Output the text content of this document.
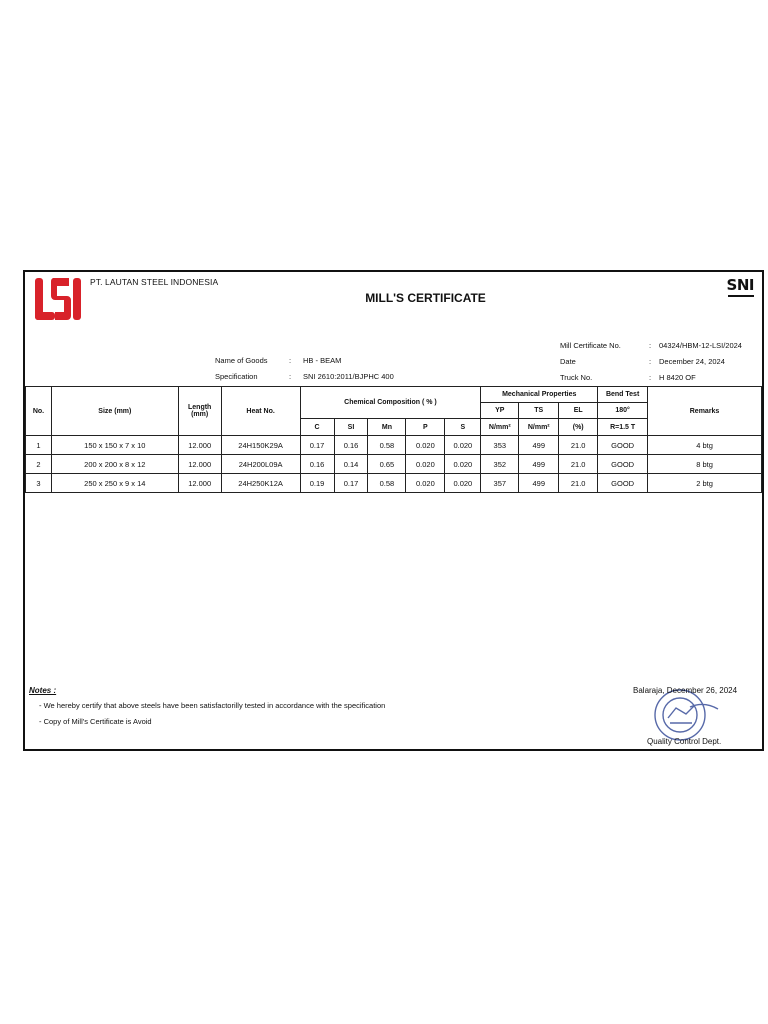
PT. LAUTAN STEEL INDONESIA
MILL'S CERTIFICATE
SNI
Name of Goods	: HB - BEAM
Specification	: SNI 2610:2011/BJPHC 400
Mill Certificate No.	: 04324/HBM-12-LSI/2024
Date	: December 24, 2024
Truck No.	: H 8420 OF
No.	Size (mm)	Length
(mm)	Heat No.	Chemical Composition ( % )					Mechanical Properties			Bend Test	Remarks
									YP	TS	EL	180°	
				C	SI	Mn	P	S	N/mm²	N/mm²	(%)	R=1.5 T	
1	150 x 150 x 7 x 10	12.000	24H150K29A	0.17	0.16	0.58	0.020	0.020	353	499	21.0	GOOD	4 btg
2	200 x 200 x 8 x 12	12.000	24H200L09A	0.16	0.14	0.65	0.020	0.020	352	499	21.0	GOOD	8 btg
3	250 x 250 x 9 x 14	12.000	24H250K12A	0.19	0.17	0.58	0.020	0.020	357	499	21.0	GOOD	2 btg
Notes :
- We hereby certify that above steels have been satisfactorilly tested in accordance with the specification
- Copy of Mill's Certificate is Avoid
Balaraja, December 26, 2024
Quality Control Dept.
